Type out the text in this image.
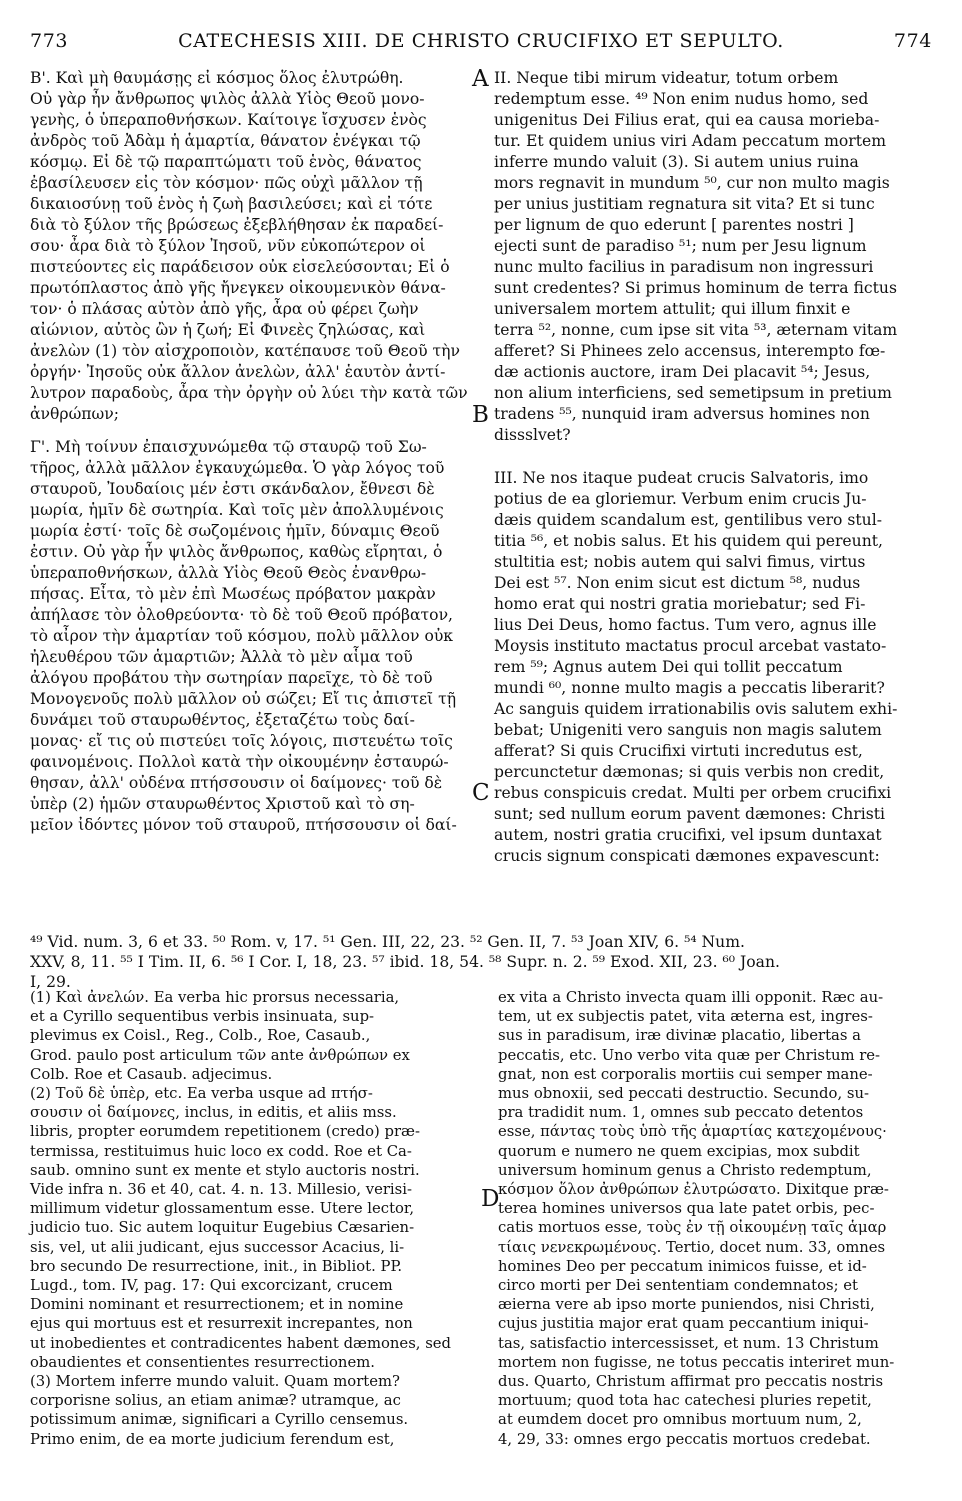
773	CATECHESIS XIII. DE CHRISTO CRUCIFIXO ET SEPULTO.	774
Β'. Καὶ μὴ θαυμάσῃς εἰ κόσμος ὅλος ἐλυτρώθη.
Οὐ γὰρ ἦν ἄνθρωπος ψιλὸς ἀλλὰ Υἱὸς Θεοῦ μονο-
γενὴς, ὁ ὑπεραποθνήσκων. Καίτοιγε ἴσχυσεν ἑνὸς
ἀνδρὸς τοῦ Ἀδὰμ ἡ ἁμαρτία, θάνατον ἐνέγκαι τῷ
κόσμῳ. Εἰ δὲ τῷ παραπτώματι τοῦ ἑνὸς, θάνατος
ἐβασίλευσεν εἰς τὸν κόσμον· πῶς οὐχὶ μᾶλλον τῇ
δικαιοσύνῃ τοῦ ἑνὸς ἡ ζωὴ βασιλεύσει; καὶ εἰ τότε
διὰ τὸ ξύλον τῆς βρώσεως ἐξεβλήθησαν ἐκ παραδεί-
σου· ἆρα διὰ τὸ ξύλον Ἰησοῦ, νῦν εὐκοπώτερον οἱ
πιστεύοντες εἰς παράδεισον οὐκ εἰσελεύσονται; Εἰ ὁ
πρωτόπλαστος ἀπὸ γῆς ἤνεγκεν οἰκουμενικὸν θάνα-
τον· ὁ πλάσας αὐτὸν ἀπὸ γῆς, ἆρα οὐ φέρει ζωὴν
αἰώνιον, αὐτὸς ὢν ἡ ζωή; Εἰ Φινεὲς ζηλώσας, καὶ
ἀνελὼν (1) τὸν αἰσχροποιὸν, κατέπαυσε τοῦ Θεοῦ τὴν
ὀργήν· Ἰησοῦς οὐκ ἄλλον ἀνελὼν, ἀλλ' ἑαυτὸν ἀντί-
λυτρον παραδοὺς, ἆρα τὴν ὀργὴν οὐ λύει τὴν κατὰ τῶν
ἀνθρώπων;

Γ'. Μὴ τοίνυν ἐπαισχυνώμεθα τῷ σταυρῷ τοῦ Σω-
τῆρος, ἀλλὰ μᾶλλον ἐγκαυχώμεθα. Ὁ γὰρ λόγος τοῦ
σταυροῦ, Ἰουδαίοις μέν ἐστι σκάνδαλον, ἔθνεσι δὲ
μωρία, ἡμῖν δὲ σωτηρία. Καὶ τοῖς μὲν ἀπολλυμένοις
μωρία ἐστί· τοῖς δὲ σωζομένοις ἡμῖν, δύναμις Θεοῦ
ἐστιν. Οὐ γὰρ ἦν ψιλὸς ἄνθρωπος, καθὼς εἴρηται, ὁ
ὑπεραποθνήσκων, ἀλλὰ Υἱὸς Θεοῦ Θεὸς ἐνανθρω-
πήσας. Εἶτα, τὸ μὲν ἐπὶ Μωσέως πρόβατον μακρὰν
ἀπήλασε τὸν ὀλοθρεύοντα· τὸ δὲ τοῦ Θεοῦ πρόβατον,
τὸ αἶρον τὴν ἁμαρτίαν τοῦ κόσμου, πολὺ μᾶλλον οὐκ
ἠλευθέρου τῶν ἁμαρτιῶν; Ἀλλὰ τὸ μὲν αἷμα τοῦ
ἀλόγου προβάτου τὴν σωτηρίαν παρεῖχε, τὸ δὲ τοῦ
Μονογενοῦς πολὺ μᾶλλον οὐ σώζει; Εἴ τις ἀπιστεῖ τῇ
δυνάμει τοῦ σταυρωθέντος, ἐξεταζέτω τοὺς δαί-
μονας· εἴ τις οὐ πιστεύει τοῖς λόγοις, πιστευέτω τοῖς
φαινομένοις. Πολλοὶ κατὰ τὴν οἰκουμένην ἐσταυρώ-
θησαν, ἀλλ' οὐδένα πτήσσουσιν οἱ δαίμονες· τοῦ δὲ
ὑπὲρ (2) ἡμῶν σταυρωθέντος Χριστοῦ καὶ τὸ ση-
μεῖον ἰδόντες μόνον τοῦ σταυροῦ, πτήσσουσιν οἱ δαί-
II. Neque tibi mirum videatur, totum orbem
redemptum esse. ⁴⁹ Non enim nudus homo, sed
unigenitus Dei Filius erat, qui ea causa morieba-
tur. Et quidem unius viri Adam peccatum mortem
inferre mundo valuit (3). Si autem unius ruina
mors regnavit in mundum ⁵⁰, cur non multo magis
per unius justitiam regnatura sit vita? Et si tunc
per lignum de quo ederunt [ parentes nostri ]
ejecti sunt de paradiso ⁵¹; num per Jesu lignum
nunc multo facilius in paradisum non ingressuri
sunt credentes? Si primus hominum de terra fictus
universalem mortem attulit; qui illum finxit e
terra ⁵², nonne, cum ipse sit vita ⁵³, æternam vitam
afferet? Si Phinees zelo accensus, interempto fœ-
dæ actionis auctore, iram Dei placavit ⁵⁴; Jesus,
non alium interficiens, sed semetipsum in pretium
tradens ⁵⁵, nunquid iram adversus homines non
dissslvet?
III. Ne nos itaque pudeat crucis Salvatoris, imo
potius de ea gloriemur. Verbum enim crucis Ju-
dæis quidem scandalum est, gentilibus vero stul-
titia ⁵⁶, et nobis salus. Et his quidem qui pereunt,
stultitia est; nobis autem qui salvi fimus, virtus
Dei est ⁵⁷. Non enim sicut est dictum ⁵⁸, nudus
homo erat qui nostri gratia moriebatur; sed Fi-
lius Dei Deus, homo factus. Tum vero, agnus ille
Moysis instituto mactatus procul arcebat vastato-
rem ⁵⁹; Agnus autem Dei qui tollit peccatum
mundi ⁶⁰, nonne multo magis a peccatis liberarit?
Ac sanguis quidem irrationabilis ovis salutem exhi-
bebat; Unigeniti vero sanguis non magis salutem
afferat? Si quis Crucifixi virtuti incredutus est,
percunctetur dæmonas; si quis verbis non credit,
rebus conspicuis credat. Multi per orbem crucifixi
sunt; sed nullum eorum pavent dæmones: Christi
autem, nostri gratia crucifixi, vel ipsum duntaxat
crucis signum conspicati dæmones expavescunt:
A
B
C
D
⁴⁹ Vid. num. 3, 6 et 33. ⁵⁰ Rom. v, 17. ⁵¹ Gen. III, 22, 23. ⁵² Gen. II, 7. ⁵³ Joan XIV, 6. ⁵⁴ Num.
XXV, 8, 11. ⁵⁵ I Tim. II, 6. ⁵⁶ I Cor. I, 18, 23. ⁵⁷ ibid. 18, 54. ⁵⁸ Supr. n. 2. ⁵⁹ Exod. XII, 23. ⁶⁰ Joan.
I, 29.
(1) Καὶ ἀνελών. Ea verba hic prorsus necessaria,
et a Cyrillo sequentibus verbis insinuata, sup-
plevimus ex Coisl., Reg., Colb., Roe, Casaub.,
Grod. paulo post articulum τῶν ante ἀνθρώπων ex
Colb. Roe et Casaub. adjecimus.
(2) Τοῦ δὲ ὑπὲρ, etc. Ea verba usque ad πτήσ-
σουσιν οἱ δαίμονες, inclus, in editis, et aliis mss.
libris, propter eorumdem repetitionem (credo) præ-
termissa, restituimus huic loco ex codd. Roe et Ca-
saub. omnino sunt ex mente et stylo auctoris nostri.
Vide infra n. 36 et 40, cat. 4. n. 13. Millesio, verisi-
millimum videtur glossamentum esse. Utere lector,
judicio tuo. Sic autem loquitur Eugebius Cæsarien-
sis, vel, ut alii judicant, ejus successor Acacius, li-
bro secundo De resurrectione, init., in Bibliot. PP.
Lugd., tom. IV, pag. 17: Qui excorcizant, crucem
Domini nominant et resurrectionem; et in nomine
ejus qui mortuus est et resurrexit increpantes, non
ut inobedientes et contradicentes habent dæmones, sed
obaudientes et consentientes resurrectionem.
(3) Mortem inferre mundo valuit. Quam mortem?
corporisne solius, an etiam animæ? utramque, ac
potissimum animæ, significari a Cyrillo censemus.
Primo enim, de ea morte judicium ferendum est,
ex vita a Christo invecta quam illi opponit. Ræc au-
tem, ut ex subjectis patet, vita æterna est, ingres-
sus in paradisum, iræ divinæ placatio, libertas a
peccatis, etc. Uno verbo vita quæ per Christum re-
gnat, non est corporalis mortiis cui semper mane-
mus obnoxii, sed peccati destructio. Secundo, su-
pra tradidit num. 1, omnes sub peccato detentos
esse, πάντας τοὺς ὑπὸ τῆς ἁμαρτίας κατεχομένους·
quorum e numero ne quem excipias, mox subdit
universum hominum genus a Christo redemptum,
κόσμον ὅλον ἀνθρώπων ἐλυτρώσατο. Dixitque præ-
terea homines universos qua late patet orbis, pec-
catis mortuos esse, τοὺς ἐν τῇ οἰκουμένῃ ταῖς ἁμαρ
τίαις νενεκρωμένους. Tertio, docet num. 33, omnes
homines Deo per peccatum inimicos fuisse, et id-
circo morti per Dei sententiam condemnatos; et
æierna vere ab ipso morte puniendos, nisi Christi,
cujus justitia major erat quam peccantium iniqui-
tas, satisfactio intercessisset, et num. 13 Christum
mortem non fugisse, ne totus peccatis interiret mun-
dus. Quarto, Christum affirmat pro peccatis nostris
mortuum; quod tota hac catechesi pluries repetit,
at eumdem docet pro omnibus mortuum num, 2,
4, 29, 33: omnes ergo peccatis mortuos credebat.
